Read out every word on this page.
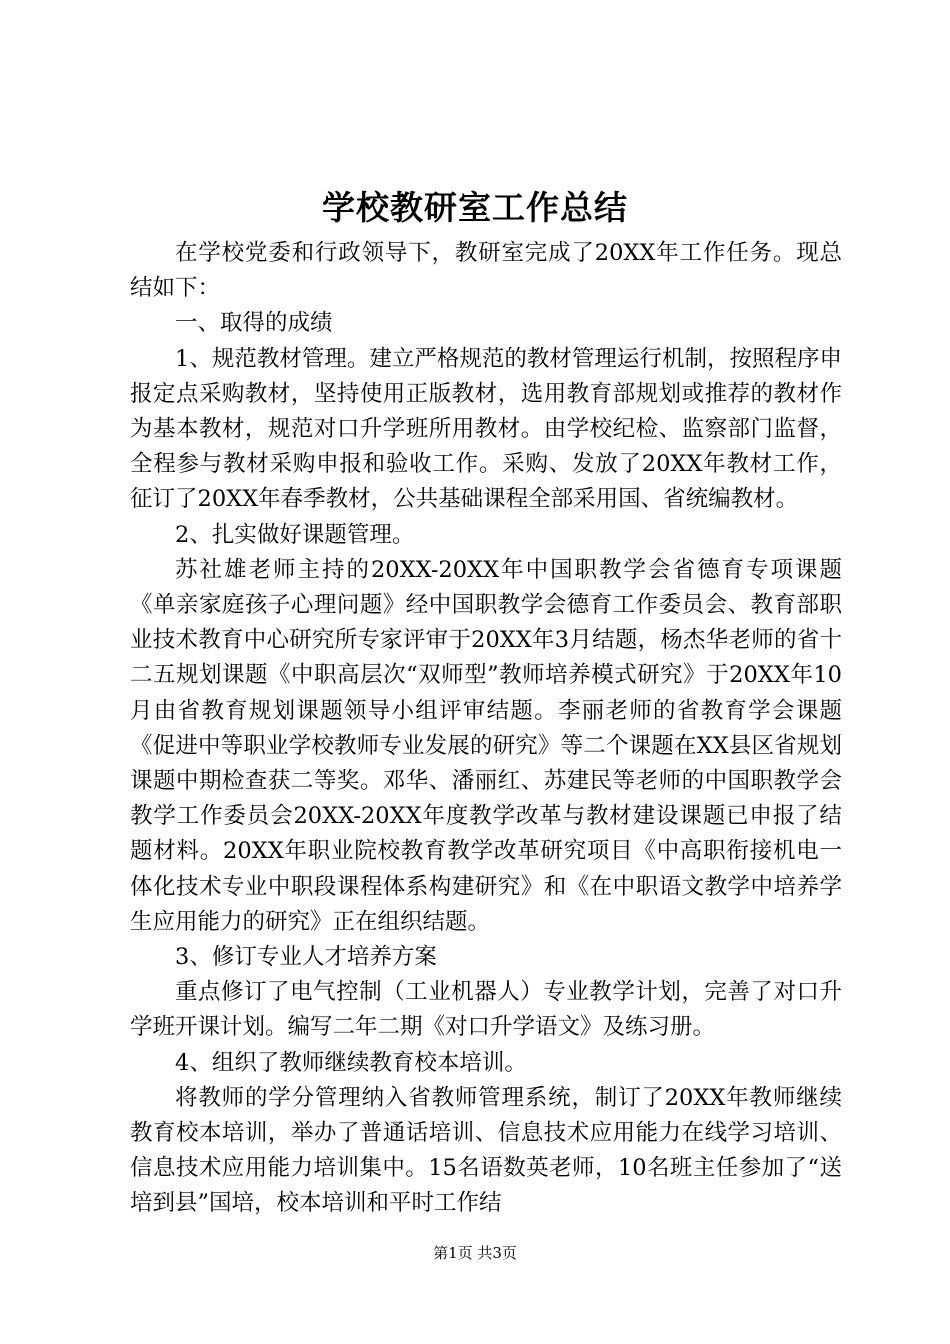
学校教研室工作总结

在学校党委和行政领导下，教研室完成了20XX年工作任务。现总结如下：

一、取得的成绩

1、规范教材管理。建立严格规范的教材管理运行机制，按照程序申报定点采购教材，坚持使用正版教材，选用教育部规划或推荐的教材作为基本教材，规范对口升学班所用教材。由学校纪检、监察部门监督，全程参与教材采购申报和验收工作。采购、发放了20XX年教材工作，征订了20XX年春季教材，公共基础课程全部采用国、省统编教材。

2、扎实做好课题管理。

苏社雄老师主持的20XX-20XX年中国职教学会省德育专项课题《单亲家庭孩子心理问题》经中国职教学会德育工作委员会、教育部职业技术教育中心研究所专家评审于20XX年3月结题，杨杰华老师的省十二五规划课题《中职高层次“双师型”教师培养模式研究》于20XX年10月由省教育规划课题领导小组评审结题。李丽老师的省教育学会课题《促进中等职业学校教师专业发展的研究》等二个课题在XX县区省规划课题中期检查获二等奖。邓华、潘丽红、苏建民等老师的中国职教学会教学工作委员会20XX-20XX年度教学改革与教材建设课题已申报了结题材料。20XX年职业院校教育教学改革研究项目《中高职衔接机电一体化技术专业中职段课程体系构建研究》和《在中职语文教学中培养学生应用能力的研究》正在组织结题。

3、修订专业人才培养方案

重点修订了电气控制（工业机器人）专业教学计划，完善了对口升学班开课计划。编写二年二期《对口升学语文》及练习册。

4、组织了教师继续教育校本培训。

将教师的学分管理纳入省教师管理系统，制订了20XX年教师继续教育校本培训，举办了普通话培训、信息技术应用能力在线学习培训、信息技术应用能力培训集中。15名语数英老师，10名班主任参加了“送培到县”国培，校本培训和平时工作结

第1页 共3页
